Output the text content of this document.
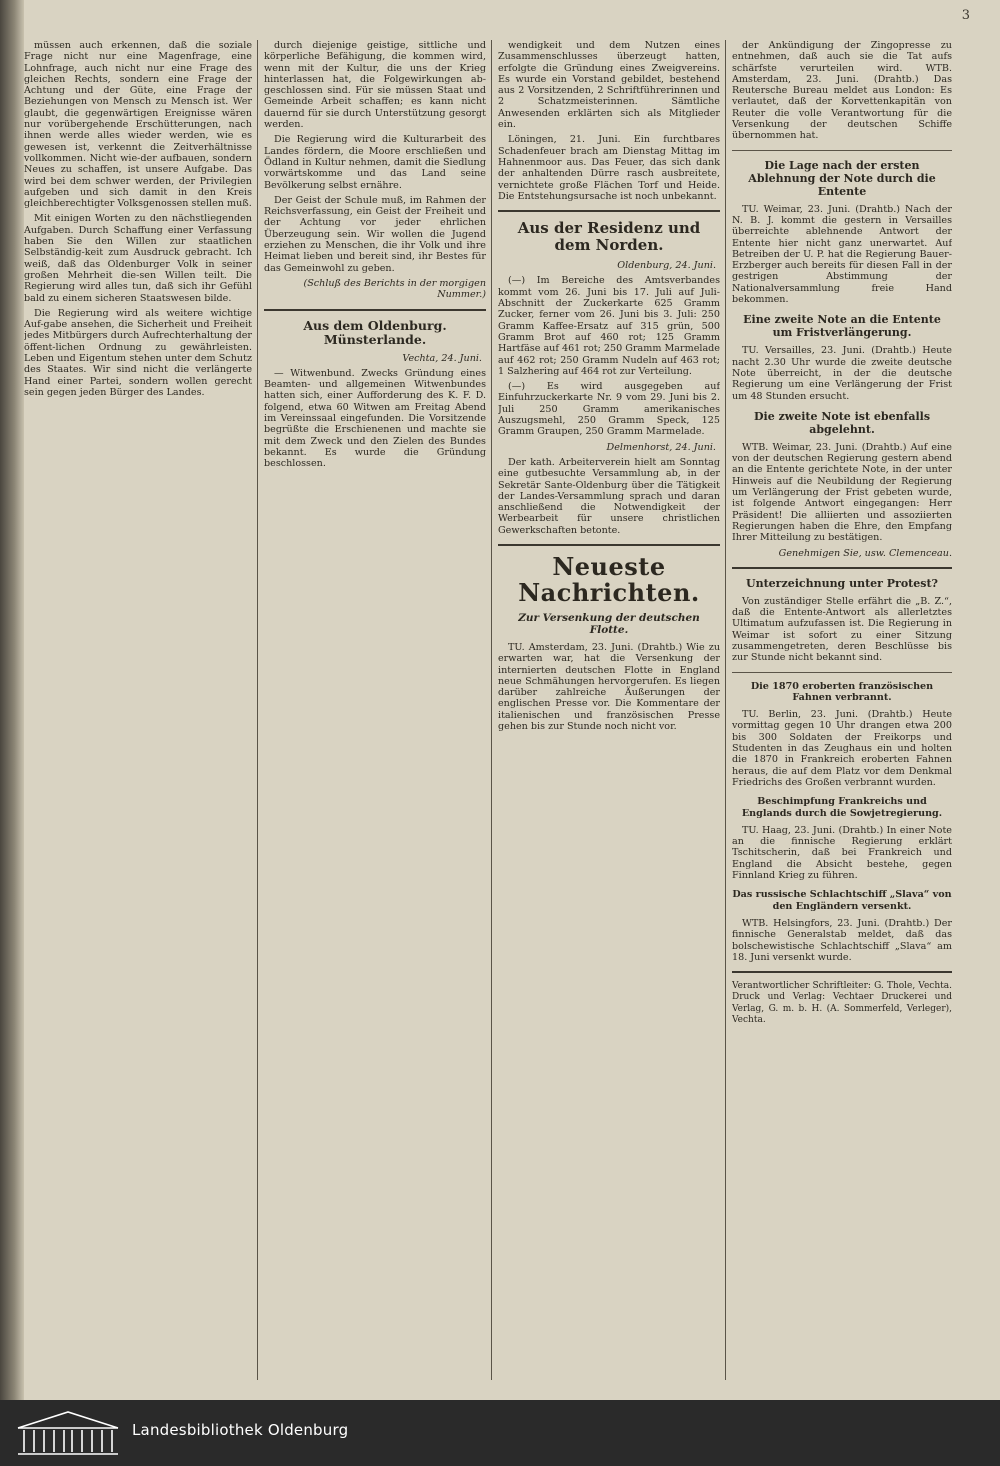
3

müssen auch erkennen, daß die soziale Frage nicht nur eine Magenfrage, eine Lohnfrage, auch nicht nur eine Frage des gleichen Rechts, sondern eine Frage der Achtung und der Güte, eine Frage der Beziehungen von Mensch zu Mensch ist. Wer glaubt, die gegenwärtigen Ereignisse wären nur vorübergehende Erschütterungen, nach ihnen werde alles wieder werden, wie es gewesen ist, verkennt die Zeitverhältnisse vollkommen. Nicht wie-der aufbauen, sondern Neues zu schaffen, ist unsere Aufgabe. Das wird bei dem schwer werden, der Privilegien aufgeben und sich damit in den Kreis gleichberechtigter Volksgenossen stellen muß.

Mit einigen Worten zu den nächstliegenden Aufgaben. Durch Schaffung einer Verfassung haben Sie den Willen zur staatlichen Selbständig-keit zum Ausdruck gebracht. Ich weiß, daß das Oldenburger Volk in seiner großen Mehrheit die-sen Willen teilt. Die Regierung wird alles tun, daß sich ihr Gefühl bald zu einem sicheren Staatswesen bilde.

Die Regierung wird als weitere wichtige Auf-gabe ansehen, die Sicherheit und Freiheit jedes Mitbürgers durch Aufrechterhaltung der öffent-lichen Ordnung zu gewährleisten. Leben und Eigentum stehen unter dem Schutz des Staates. Wir sind nicht die verlängerte Hand einer Partei, sondern wollen gerecht sein gegen jeden Bürger des Landes.

durch diejenige geistige, sittliche und körperliche Befähigung, die kommen wird, wenn mit der Kultur, die uns der Krieg hinterlassen hat, die Folgewirkungen ab-geschlossen sind. Für sie müssen Staat und Gemeinde Arbeit schaffen; es kann nicht dauernd für sie durch Unterstützung gesorgt werden.

Die Regierung wird die Kulturarbeit des Landes fördern, die Moore erschließen und Ödland in Kultur nehmen, damit die Siedlung vorwärtskomme und das Land seine Bevölkerung selbst ernähre.

Der Geist der Schule muß, im Rahmen der Reichsverfassung, ein Geist der Freiheit und der Achtung vor jeder ehrlichen Überzeugung sein. Wir wollen die Jugend erziehen zu Menschen, die ihr Volk und ihre Heimat lieben und bereit sind, ihr Bestes für das Gemeinwohl zu geben.

(Schluß des Berichts in der morgigen Nummer.)

Aus dem Oldenburg. Münsterlande.
Vechta, 24. Juni.

— Witwenbund. Zwecks Gründung eines Beamten- und allgemeinen Witwenbundes hatten sich, einer Aufforderung des K. F. D. folgend, etwa 60 Witwen am Freitag Abend im Vereinssaal eingefunden. Die Vorsitzende begrüßte die Erschienenen und machte sie mit dem Zweck und den Zielen des Bundes bekannt. Es wurde die Gründung beschlossen.

wendigkeit und dem Nutzen eines Zusammenschlusses überzeugt hatten, erfolgte die Gründung eines Zweigvereins. Es wurde ein Vorstand gebildet, bestehend aus 2 Vorsitzenden, 2 Schriftführerinnen und 2 Schatzmeisterinnen. Sämtliche Anwesenden erklärten sich als Mitglieder ein.

Löningen, 21. Juni. Ein furchtbares Schadenfeuer brach am Dienstag Mittag im Hahnenmoor aus. Das Feuer, das sich dank der anhaltenden Dürre rasch ausbreitete, vernichtete große Flächen Torf und Heide. Die Entstehungsursache ist noch unbekannt.

Aus der Residenz und dem Norden.
Oldenburg, 24. Juni.

(—) Im Bereiche des Amtsverbandes kommt vom 26. Juni bis 17. Juli auf Juli-Abschnitt der Zuckerkarte 625 Gramm Zucker, ferner vom 26. Juni bis 3. Juli: 250 Gramm Kaffee-Ersatz auf 315 grün, 500 Gramm Brot auf 460 rot; 125 Gramm Hartfäse auf 461 rot; 250 Gramm Marmelade auf 462 rot; 250 Gramm Nudeln auf 463 rot; 1 Salzhering auf 464 rot zur Verteilung.

(—) Es wird ausgegeben auf Einfuhrzuckerkarte Nr. 9 vom 29. Juni bis 2. Juli 250 Gramm amerikanisches Auszugsmehl, 250 Gramm Speck, 125 Gramm Graupen, 250 Gramm Marmelade.

Delmenhorst, 24. Juni.

Der kath. Arbeiterverein hielt am Sonntag eine gutbesuchte Versammlung ab, in der Sekretär Sante-Oldenburg über die Tätigkeit der Landes-Versammlung sprach und daran anschließend die Notwendigkeit der Werbearbeit für unsere christlichen Gewerkschaften betonte.

Neueste Nachrichten.
Zur Versenkung der deutschen Flotte.

TU. Amsterdam, 23. Juni. (Drahtb.) Wie zu erwarten war, hat die Versenkung der internierten deutschen Flotte in England neue Schmähungen hervorgerufen. Es liegen darüber zahlreiche Äußerungen der englischen Presse vor. Die Kommentare der italienischen und französischen Presse gehen bis zur Stunde noch nicht vor.

der Ankündigung der Zingopresse zu entnehmen, daß auch sie die Tat aufs schärfste verurteilen wird. WTB. Amsterdam, 23. Juni. (Drahtb.) Das Reutersche Bureau meldet aus London: Es verlautet, daß der Korvettenkapitän von Reuter die volle Verantwortung für die Versenkung der deutschen Schiffe übernommen hat.

Die Lage nach der ersten Ablehnung der Note durch die Entente

TU. Weimar, 23. Juni. (Drahtb.) Nach der N. B. J. kommt die gestern in Versailles überreichte ablehnende Antwort der Entente hier nicht ganz unerwartet. Auf Betreiben der U. P. hat die Regierung Bauer-Erzberger auch bereits für diesen Fall in der gestrigen Abstimmung der Nationalversammlung freie Hand bekommen.

Eine zweite Note an die Entente um Fristverlängerung.

TU. Versailles, 23. Juni. (Drahtb.) Heute nacht 2.30 Uhr wurde die zweite deutsche Note überreicht, in der die deutsche Regierung um eine Verlängerung der Frist um 48 Stunden ersucht.

Die zweite Note ist ebenfalls abgelehnt.

WTB. Weimar, 23. Juni. (Drahtb.) Auf eine von der deutschen Regierung gestern abend an die Entente gerichtete Note, in der unter Hinweis auf die Neubildung der Regierung um Verlängerung der Frist gebeten wurde, ist folgende Antwort eingegangen: Herr Präsident! Die alliierten und assoziierten Regierungen haben die Ehre, den Empfang Ihrer Mitteilung zu bestätigen.

Genehmigen Sie, usw. Clemenceau.

Unterzeichnung unter Protest?

Von zuständiger Stelle erfährt die „B. Z.“, daß die Entente-Antwort als allerletztes Ultimatum aufzufassen ist. Die Regierung in Weimar ist sofort zu einer Sitzung zusammengetreten, deren Beschlüsse bis zur Stunde nicht bekannt sind.

Die 1870 eroberten französischen Fahnen verbrannt.

TU. Berlin, 23. Juni. (Drahtb.) Heute vormittag gegen 10 Uhr drangen etwa 200 bis 300 Soldaten der Freikorps und Studenten in das Zeughaus ein und holten die 1870 in Frankreich eroberten Fahnen heraus, die auf dem Platz vor dem Denkmal Friedrichs des Großen verbrannt wurden.

Beschimpfung Frankreichs und Englands durch die Sowjetregierung.

TU. Haag, 23. Juni. (Drahtb.) In einer Note an die finnische Regierung erklärt Tschitscherin, daß bei Frankreich und England die Absicht bestehe, gegen Finnland Krieg zu führen.

Das russische Schlachtschiff „Slava“ von den Engländern versenkt.

WTB. Helsingfors, 23. Juni. (Drahtb.) Der finnische Generalstab meldet, daß das bolschewistische Schlachtschiff „Slava“ am 18. Juni versenkt wurde.

Verantwortlicher Schriftleiter: G. Thole, Vechta. Druck und Verlag: Vechtaer Druckerei und Verlag, G. m. b. H. (A. Sommerfeld, Verleger), Vechta.

Landesbibliothek Oldenburg
